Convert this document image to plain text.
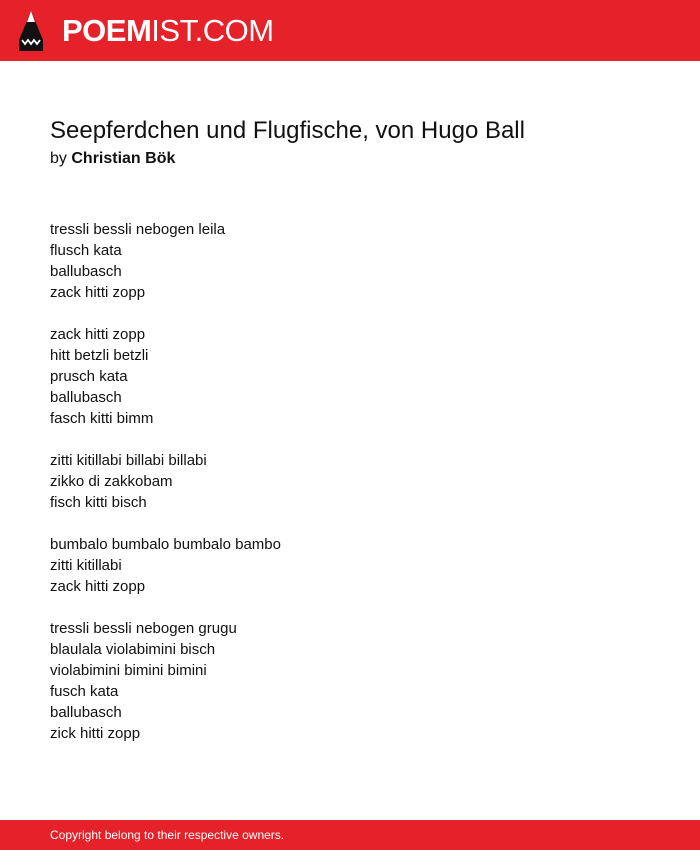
POEMIST.COM
Seepferdchen und Flugfische, von Hugo Ball
by Christian Bök
tressli bessli nebogen leila
flusch kata
ballubasch
zack hitti zopp
zack hitti zopp
hitt betzli betzli
prusch kata
ballubasch
fasch kitti bimm
zitti kitillabi billabi billabi
zikko di zakkobam
fisch kitti bisch
bumbalo bumbalo bumbalo bambo
zitti kitillabi
zack hitti zopp
tressli bessli nebogen grugu
blaulala violabimini bisch
violabimini bimini bimini
fusch kata
ballubasch
zick hitti zopp
Copyright belong to their respective owners.
